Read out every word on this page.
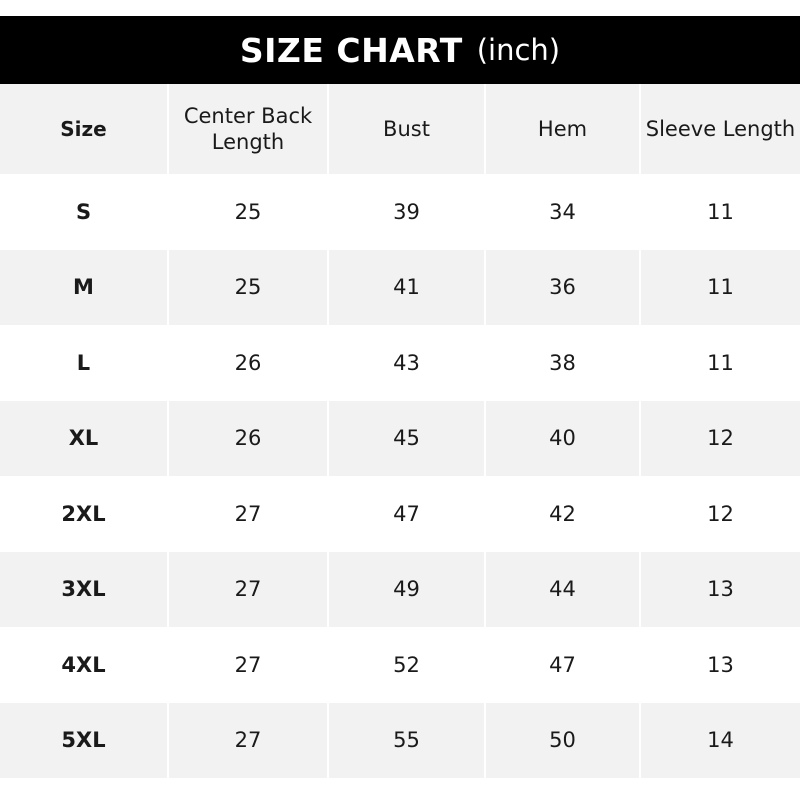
SIZE CHART (inch)
Size	Center Back Length	Bust	Hem	Sleeve Length
S	25	39	34	11
M	25	41	36	11
L	26	43	38	11
XL	26	45	40	12
2XL	27	47	42	12
3XL	27	49	44	13
4XL	27	52	47	13
5XL	27	55	50	14
